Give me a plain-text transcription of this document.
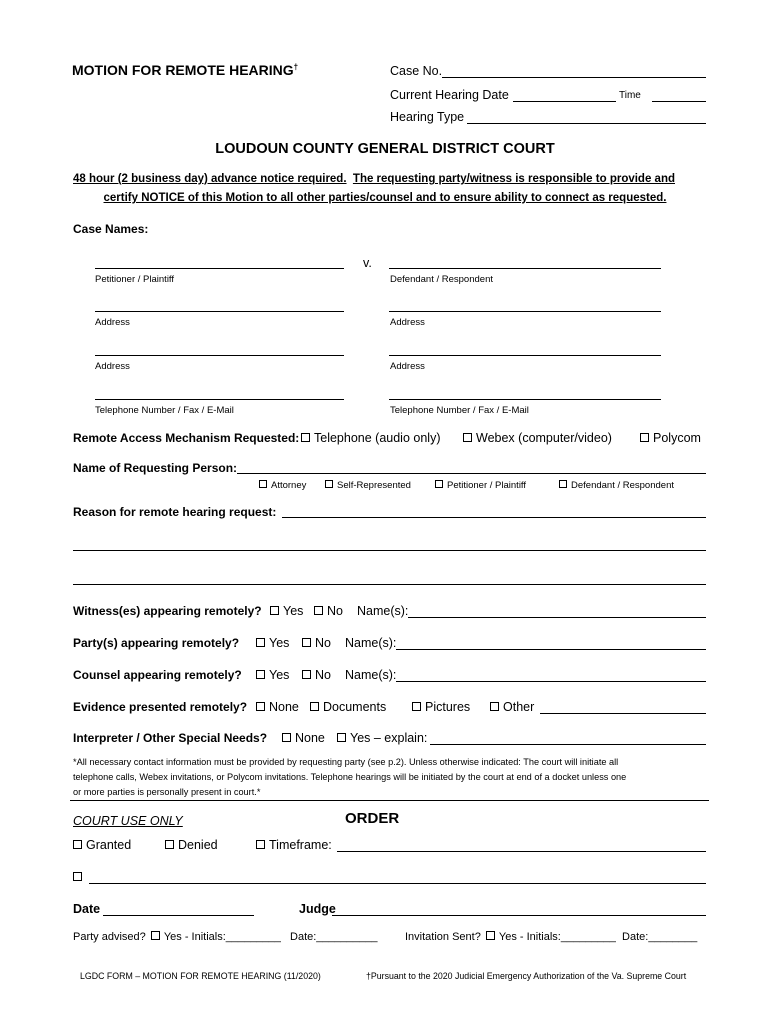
MOTION FOR REMOTE HEARING†	Case No.
Current Hearing Date	Time
Hearing Type
LOUDOUN COUNTY GENERAL DISTRICT COURT
48 hour (2 business day) advance notice required. The requesting party/witness is responsible to provide and
certify NOTICE of this Motion to all other parties/counsel and to ensure ability to connect as requested.
Case Names:
v.
Petitioner / Plaintiff	Defendant / Respondent
Address	Address
Address	Address
Telephone Number / Fax / E-Mail	Telephone Number / Fax / E-Mail
Remote Access Mechanism Requested:	Telephone (audio only)	Webex (computer/video)	Polycom
Name of Requesting Person:
Attorney	Self-Represented	Petitioner / Plaintiff	Defendant / Respondent
Reason for remote hearing request:
Witness(es) appearing remotely?	Yes	No Name(s):
Party(s) appearing remotely?	Yes	No Name(s):
Counsel appearing remotely?	Yes	No Name(s):
Evidence presented remotely?	None	Documents	Pictures	Other
Interpreter / Other Special Needs?	None	Yes – explain:
*All necessary contact information must be provided by requesting party (see p.2). Unless otherwise indicated: The court will initiate all
telephone calls, Webex invitations, or Polycom invitations. Telephone hearings will be initiated by the court at end of a docket unless one
or more parties is personally present in court.*
COURT USE ONLY	ORDER
Granted	Denied	Timeframe:
Date	Judge
Party advised? Yes - Initials:_________ Date:__________	Invitation Sent? Yes - Initials:_________ Date:________
LGDC FORM – MOTION FOR REMOTE HEARING (11/2020)	†Pursuant to the 2020 Judicial Emergency Authorization of the Va. Supreme Court
